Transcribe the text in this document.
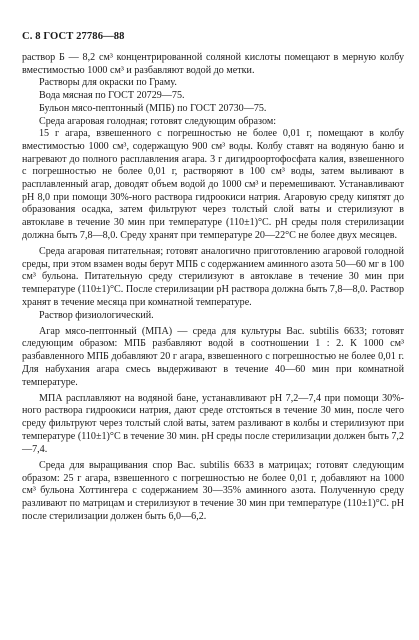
С. 8 ГОСТ 27786—88

раствор Б — 8,2 см³ концентрированной соляной кислоты помещают в мерную колбу вместимостью 1000 см³ и разбавляют водой до метки.

Растворы для окраски по Граму.

Вода мясная по ГОСТ 20729—75.

Бульон мясо-пептонный (МПБ) по ГОСТ 20730—75.

Среда агаровая голодная; готовят следующим образом:

15 г агара, взвешенного с погрешностью не более 0,01 г, помещают в колбу вместимостью 1000 см³, содержащую 900 см³ воды. Колбу ставят на водяную баню и нагревают до полного расплавления агара. 3 г дигидроортофосфата калия, взвешенного с погрешностью не более 0,01 г, растворяют в 100 см³ воды, затем выливают в расплавленный агар, доводят объем водой до 1000 см³ и перемешивают. Устанавливают pH 8,0 при помощи 30%-ного раствора гидроокиси натрия. Агаровую среду кипятят до образования осадка, затем фильтруют через толстый слой ваты и стерилизуют в автоклаве в течение 30 мин при температуре (110±1)°С. pH среды поля стерилизации должна быть 7,8—8,0. Среду хранят при температуре 20—22°С не более двух месяцев.

Среда агаровая питательная; готовят аналогично приготовлению агаровой голодной среды, при этом взамен воды берут МПБ с содержанием аминного азота 50—60 мг в 100 см³ бульона. Питательную среду стерилизуют в автоклаве в течение 30 мин при температуре (110±1)°С. После стерилизации pH раствора должна быть 7,8—8,0. Раствор хранят в течение месяца при комнатной температуре.

Раствор физиологический.

Агар мясо-пептонный (МПА) — среда для культуры Bac. subtilis 6633; готовят следующим образом: МПБ разбавляют водой в соотношении 1 : 2. К 1000 см³ разбавленного МПБ добавляют 20 г агара, взвешенного с погрешностью не более 0,01 г. Для набухания агара смесь выдерживают в течение 40—60 мин при комнатной температуре.

МПА расплавляют на водяной бане, устанавливают pH 7,2—7,4 при помощи 30%-ного раствора гидроокиси натрия, дают среде отстояться в течение 30 мин, после чего среду фильтруют через толстый слой ваты, затем разливают в колбы и стерилизуют при температуре (110±1)°С в течение 30 мин. pH среды после стерилизации должен быть 7,2—7,4.

Среда для выращивания спор Bac. subtilis 6633 в матрицах; готовят следующим образом: 25 г агара, взвешенного с погрешностью не более 0,01 г, добавляют на 1000 см³ бульона Хоттингера с содержанием 30—35% аминного азота. Полученную среду разливают по матрицам и стерилизуют в течение 30 мин при температуре (110±1)°С. pH после стерилизации должен быть 6,0—6,2.
